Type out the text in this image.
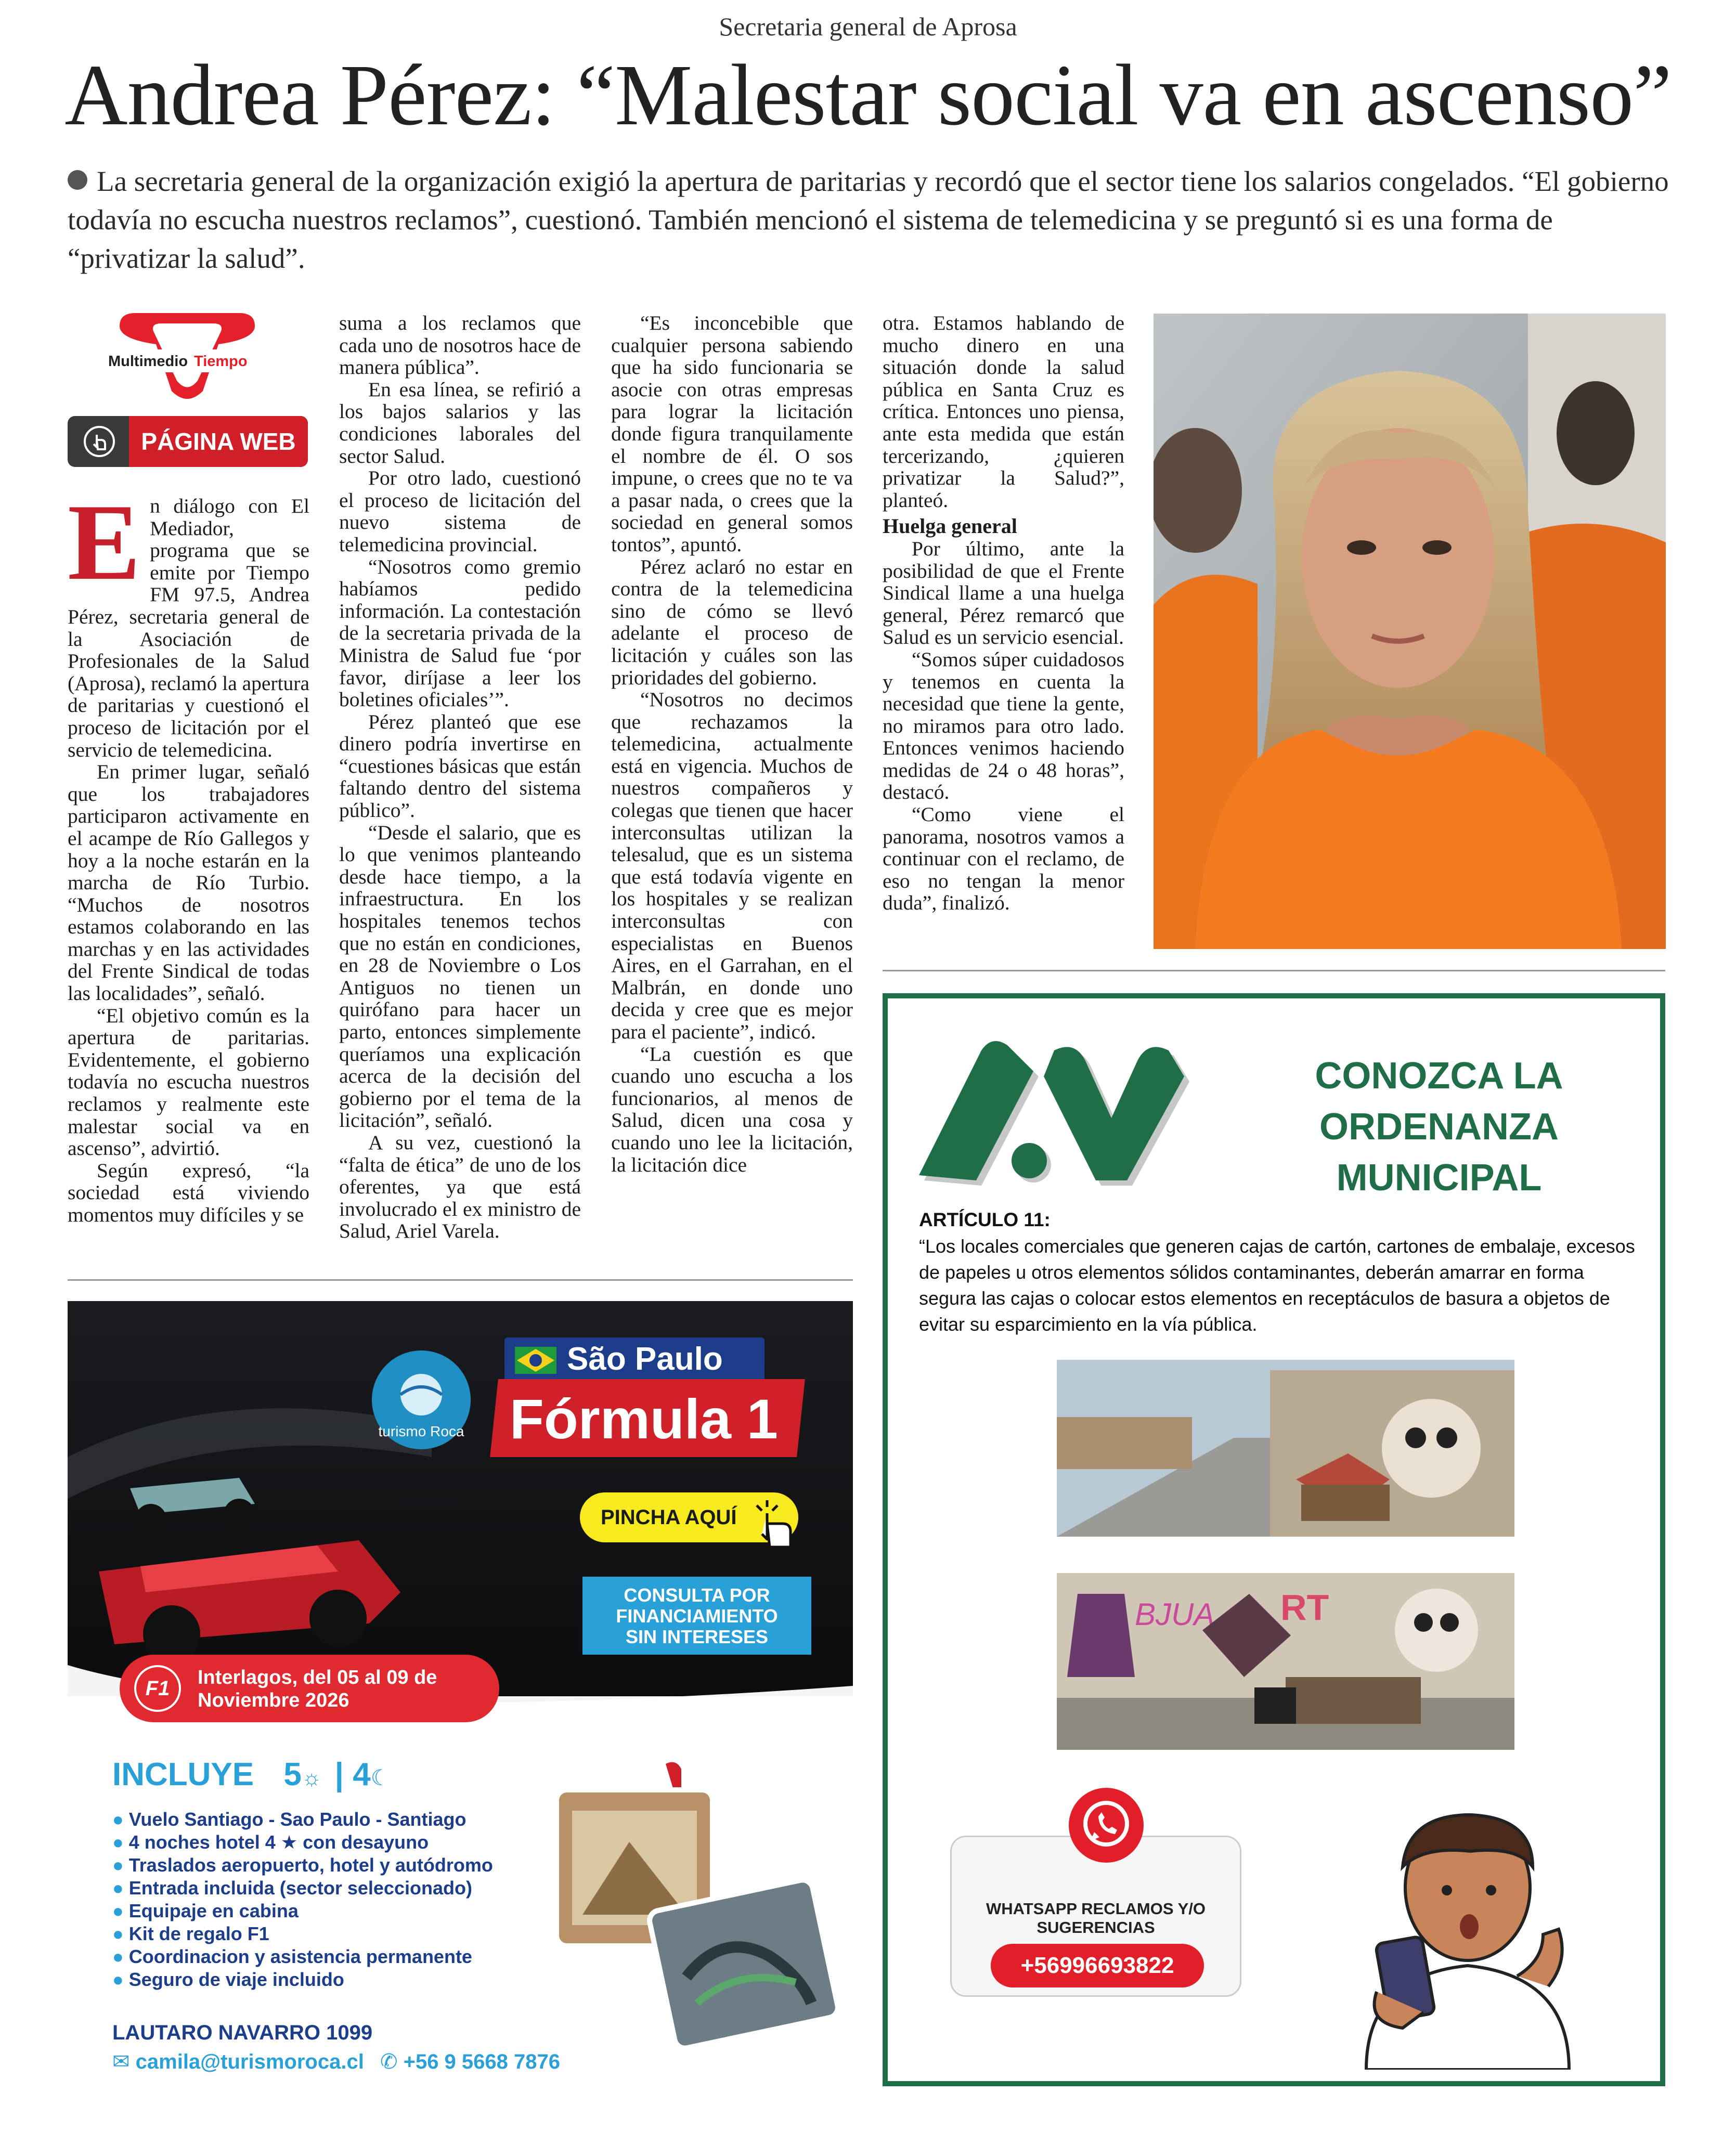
Secretaria general de Aprosa
Andrea Pérez: “Malestar social va en ascenso”
La secretaria general de la organización exigió la apertura de paritarias y recordó que el sector tiene los salarios congelados. “El gobierno todavía no escucha nuestros reclamos”, cuestionó. También mencionó el sistema de telemedicina y se preguntó si es una forma de “privatizar la salud”.
Multimedio Tiempo
PÁGINA WEB
E n diálogo con El Mediador, programa que se emite por Tiempo FM 97.5, Andrea Pérez, secretaria general de la Asociación de Profesionales de la Salud (Aprosa), reclamó la apertura de paritarias y cuestionó el proceso de licitación por el servicio de telemedicina.

En primer lugar, señaló que los trabajadores participaron activamente en el acampe de Río Gallegos y hoy a la noche estarán en la marcha de Río Turbio. “Muchos de nosotros estamos colaborando en las marchas y en las actividades del Frente Sindical de todas las localidades”, señaló.

“El objetivo común es la apertura de paritarias. Evidentemente, el gobierno todavía no escucha nuestros reclamos y realmente este malestar social va en ascenso”, advirtió.

Según expresó, “la sociedad está viviendo momentos muy difíciles y se

suma a los reclamos que cada uno de nosotros hace de manera pública”.

En esa línea, se refirió a los bajos salarios y las condiciones laborales del sector Salud.

Por otro lado, cuestionó el proceso de licitación del nuevo sistema de telemedicina provincial.

“Nosotros como gremio habíamos pedido información. La contestación de la secretaria privada de la Ministra de Salud fue ‘por favor, diríjase a leer los boletines oficiales’”.

Pérez planteó que ese dinero podría invertirse en “cuestiones básicas que están faltando dentro del sistema público”.

“Desde el salario, que es lo que venimos planteando desde hace tiempo, a la infraestructura. En los hospitales tenemos techos que no están en condiciones, en 28 de Noviembre o Los Antiguos no tienen un quirófano para hacer un parto, entonces simplemente queríamos una explicación acerca de la decisión del gobierno por el tema de la licitación”, señaló.

A su vez, cuestionó la “falta de ética” de uno de los oferentes, ya que está involucrado el ex ministro de Salud, Ariel Varela.

“Es inconcebible que cualquier persona sabiendo que ha sido funcionaria se asocie con otras empresas para lograr la licitación donde figura tranquilamente el nombre de él. O sos impune, o crees que no te va a pasar nada, o crees que la sociedad en general somos tontos”, apuntó.

Pérez aclaró no estar en contra de la telemedicina sino de cómo se llevó adelante el proceso de licitación y cuáles son las prioridades del gobierno.

“Nosotros no decimos que rechazamos la telemedicina, actualmente está en vigencia. Muchos de nuestros compañeros y colegas que tienen que hacer interconsultas utilizan la telesalud, que es un sistema que está todavía vigente en los hospitales y se realizan interconsultas con especialistas en Buenos Aires, en el Garrahan, en el Malbrán, en donde uno decida y cree que es mejor para el paciente”, indicó.

“La cuestión es que cuando uno escucha a los funcionarios, al menos de Salud, dicen una cosa y cuando uno lee la licitación, la licitación dice

otra. Estamos hablando de mucho dinero en una situación donde la salud pública en Santa Cruz es crítica. Entonces uno piensa, ante esta medida que están tercerizando, ¿quieren privatizar la Salud?”, planteó.

Huelga general

Por último, ante la posibilidad de que el Frente Sindical llame a una huelga general, Pérez remarcó que Salud es un servicio esencial.

“Somos súper cuidadosos y tenemos en cuenta la necesidad que tiene la gente, no miramos para otro lado. Entonces venimos haciendo medidas de 24 o 48 horas”, destacó.

“Como viene el panorama, nosotros vamos a continuar con el reclamo, de eso no tengan la menor duda”, finalizó.

turismo Roca
São Paulo
Fórmula 1
PINCHA AQUÍ
CONSULTA POR
FINANCIAMIENTO
SIN INTERESES
F1	Interlagos, del 05 al 09 de
Noviembre 2026
INCLUYE 5☼ | 4☾
● Vuelo Santiago - Sao Paulo - Santiago
● 4 noches hotel 4 ★ con desayuno
● Traslados aeropuerto, hotel y autódromo
● Entrada incluida (sector seleccionado)
● Equipaje en cabina
● Kit de regalo F1
● Coordinacion y asistencia permanente
● Seguro de viaje incluido
LAUTARO NAVARRO 1099
✉ camila@turismoroca.cl ✆ +56 9 5668 7876
CONOZCA LA
ORDENANZA MUNICIPAL
ARTÍCULO 11:
“Los locales comerciales que generen cajas de cartón, cartones de embalaje, excesos de papeles u otros elementos sólidos contaminantes, deberán amarrar en forma segura las cajas o colocar estos elementos en receptáculos de basura a objetos de evitar su esparcimiento en la vía pública.
BJUA RT
WHATSAPP RECLAMOS Y/O
SUGERENCIAS
+56996693822
